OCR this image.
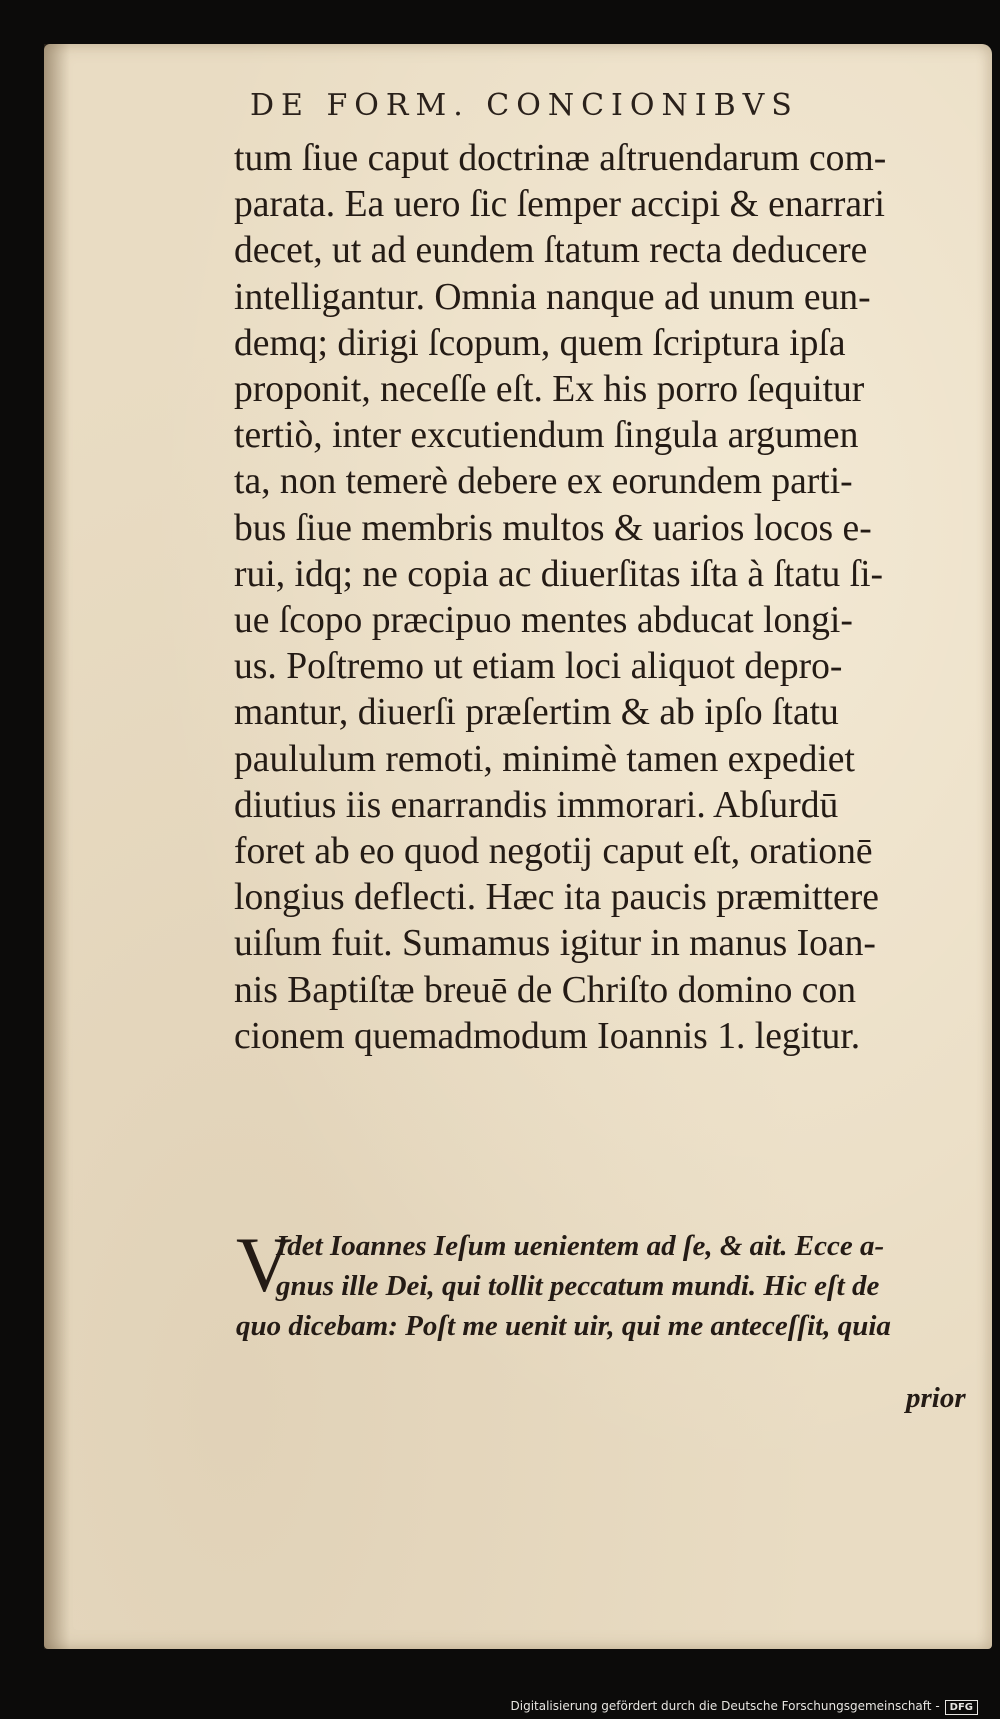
DE FORM. CONCIONIBVS
tum ſiue caput doctrinæ aſtruendarum com-
parata. Ea uero ſic ſemper accipi & enarrari
decet, ut ad eundem ſtatum recta deducere
intelligantur. Omnia nanque ad unum eun-
demq; dirigi ſcopum, quem ſcriptura ipſa
proponit, neceſſe eſt. Ex his porro ſequitur
tertiò, inter excutiendum ſingula argumen
ta, non temerè debere ex eorundem parti-
bus ſiue membris multos & uarios locos e-
rui, idq; ne copia ac diuerſitas iſta à ſtatu ſi-
ue ſcopo præcipuo mentes abducat longi-
us. Poſtremo ut etiam loci aliquot depro-
mantur, diuerſi præſertim & ab ipſo ſtatu
paululum remoti, minimè tamen expediet
diutius iis enarrandis immorari. Abſurdū
foret ab eo quod negotij caput eſt, orationē
longius deflecti. Hæc ita paucis præmittere
uiſum fuit. Sumamus igitur in manus Ioan-
nis Baptiſtæ breuē de Chriſto domino con
cionem quemadmodum Ioannis 1. legitur.
V
Idet Ioannes Ieſum uenientem ad ſe, & ait. Ecce a-
gnus ille Dei, qui tollit peccatum mundi. Hic eſt de
quo dicebam: Poſt me uenit uir, qui me anteceſſit, quia
prior
Digitalisierung gefördert durch die Deutsche Forschungsgemeinschaft - DFG
